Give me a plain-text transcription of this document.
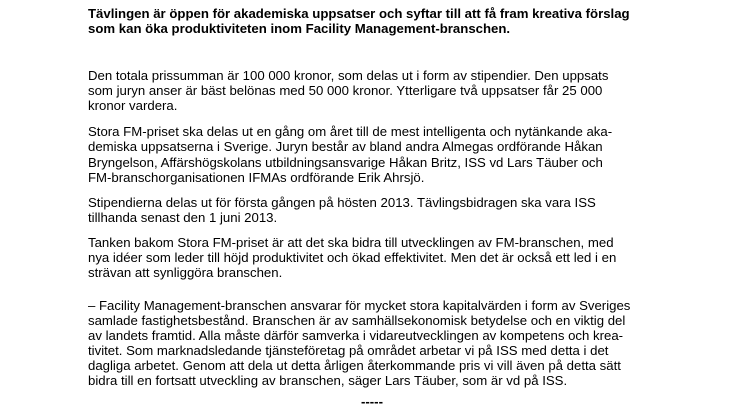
Tävlingen är öppen för akademiska uppsatser och syftar till att få fram kreativa förslag
som kan öka produktiviteten inom Facility Management-branschen.
Den totala prissumman är 100 000 kronor, som delas ut i form av stipendier. Den uppsats
som juryn anser är bäst belönas med 50 000 kronor. Ytterligare två uppsatser får 25 000
kronor vardera.
Stora FM-priset ska delas ut en gång om året till de mest intelligenta och nytänkande aka-
demiska uppsatserna i Sverige. Juryn består av bland andra Almegas ordförande Håkan
Bryngelson, Affärshögskolans utbildningsansvarige Håkan Britz, ISS vd Lars Täuber och
FM-branschorganisationen IFMAs ordförande Erik Ahrsjö.
Stipendierna delas ut för första gången på hösten 2013. Tävlingsbidragen ska vara ISS
tillhanda senast den 1 juni 2013.
Tanken bakom Stora FM-priset är att det ska bidra till utvecklingen av FM-branschen, med
nya idéer som leder till höjd produktivitet och ökad effektivitet. Men det är också ett led i en
strävan att synliggöra branschen.
– Facility Management-branschen ansvarar för mycket stora kapitalvärden i form av Sveriges
samlade fastighetsbestånd. Branschen är av samhällsekonomisk betydelse och en viktig del
av landets framtid. Alla måste därför samverka i vidareutvecklingen av kompetens och krea-
tivitet. Som marknadsledande tjänsteföretag på området arbetar vi på ISS med detta i det
dagliga arbetet. Genom att dela ut detta årligen återkommande pris vi vill även på detta sätt
bidra till en fortsatt utveckling av branschen, säger Lars Täuber, som är vd på ISS.
-----
